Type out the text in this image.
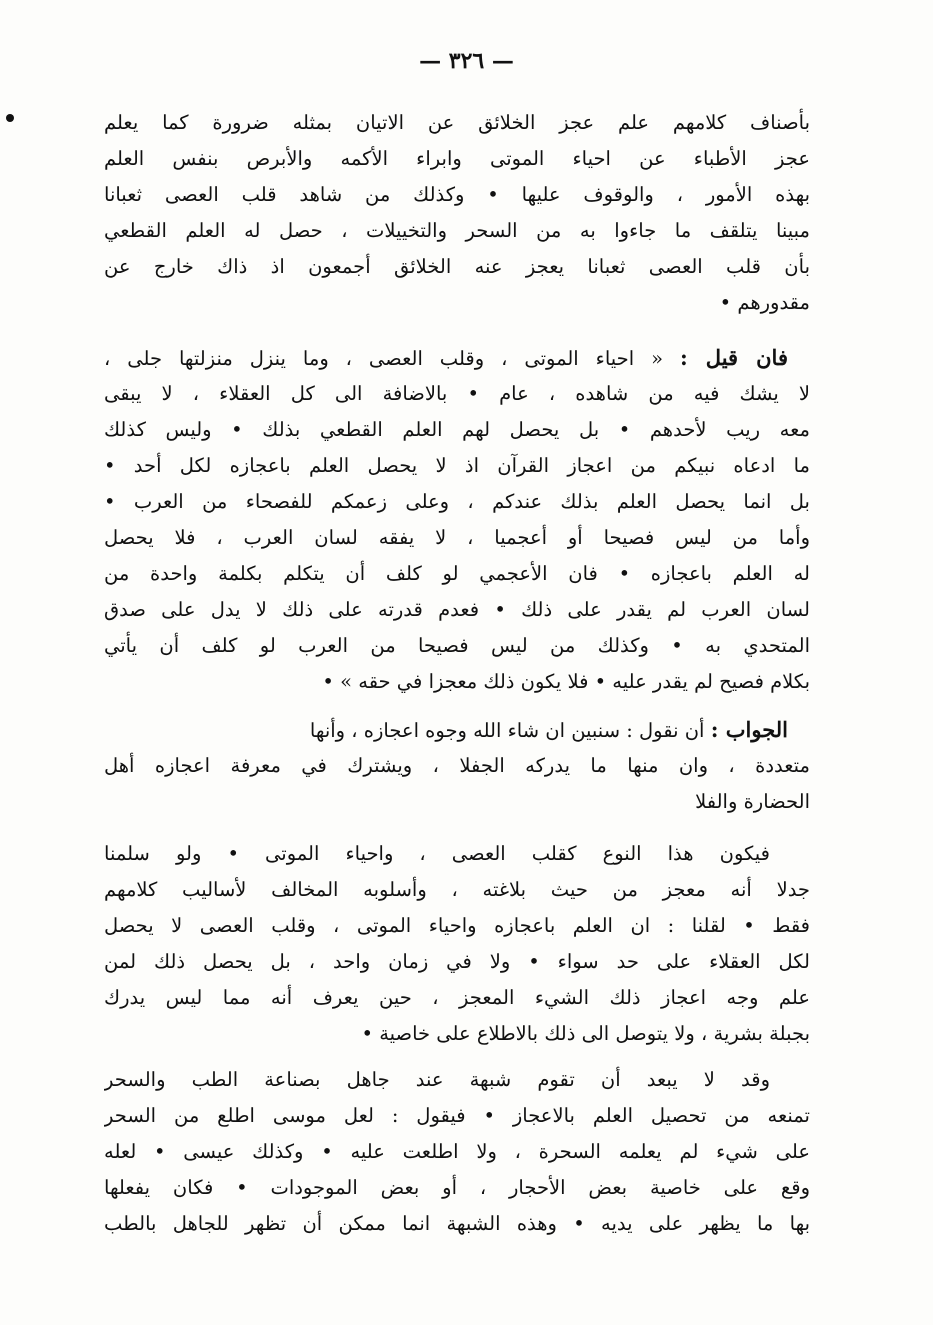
— ٣٢٦ —
بأصناف كلامهم علم عجز الخلائق عن الاتيان بمثله ضرورة كما يعلم
عجز الأطباء عن احياء الموتى وابراء الأكمه والأبرص بنفس العلم
بهذه الأمور ، والوقوف عليها • وكذلك من شاهد قلب العصى ثعبانا
مبينا يتلقف ما جاءوا به من السحر والتخييلات ، حصل له العلم القطعي
بأن قلب العصى ثعبانا يعجز عنه الخلائق أجمعون اذ ذاك خارج عن
مقدورهم •
فان قيل : « احياء الموتى ، وقلب العصى ، وما ينزل منزلتها جلى ،
لا يشك فيه من شاهده ، عام • بالاضافة الى كل العقلاء ، لا يبقى
معه ريب لأحدهم • بل يحصل لهم العلم القطعي بذلك • وليس كذلك
ما ادعاه نبيكم من اعجاز القرآن اذ لا يحصل العلم باعجازه لكل أحد •
بل انما يحصل العلم بذلك عندكم ، وعلى زعمكم للفصحاء من العرب •
وأما من ليس فصيحا أو أعجميا ، لا يفقه لسان العرب ، فلا يحصل
له العلم باعجازه • فان الأعجمي لو كلف أن يتكلم بكلمة واحدة من
لسان العرب لم يقدر على ذلك • فعدم قدرته على ذلك لا يدل على صدق
المتحدي به • وكذلك من ليس فصيحا من العرب لو كلف أن يأتي
بكلام فصيح لم يقدر عليه • فلا يكون ذلك معجزا في حقه » •
الجواب : أن نقول : سنبين ان شاء الله وجوه اعجازه ، وأنها
متعددة ، وان منها ما يدركه الجفلا ، ويشترك في معرفة اعجازه أهل
الحضارة والفلا
فيكون هذا النوع كقلب العصى ، واحياء الموتى • ولو سلمنا
جدلا أنه معجز من حيث بلاغته ، وأسلوبه المخالف لأساليب كلامهم
فقط • لقلنا : ان العلم باعجازه واحياء الموتى ، وقلب العصى لا يحصل
لكل العقلاء على حد سواء • ولا في زمان واحد ، بل يحصل ذلك لمن
علم وجه اعجاز ذلك الشيء المعجز ، حين يعرف أنه مما ليس يدرك
بجبلة بشرية ، ولا يتوصل الى ذلك بالاطلاع على خاصية •
وقد لا يبعد أن تقوم شبهة عند جاهل بصناعة الطب والسحر
تمنعه من تحصيل العلم بالاعجاز • فيقول : لعل موسى اطلع من السحر
على شيء لم يعلمه السحرة ، ولا اطلعت عليه • وكذلك عيسى • لعله
وقع على خاصية بعض الأحجار ، أو بعض الموجودات • فكان يفعلها
بها ما يظهر على يديه • وهذه الشبهة انما ممكن أن تظهر للجاهل بالطب
